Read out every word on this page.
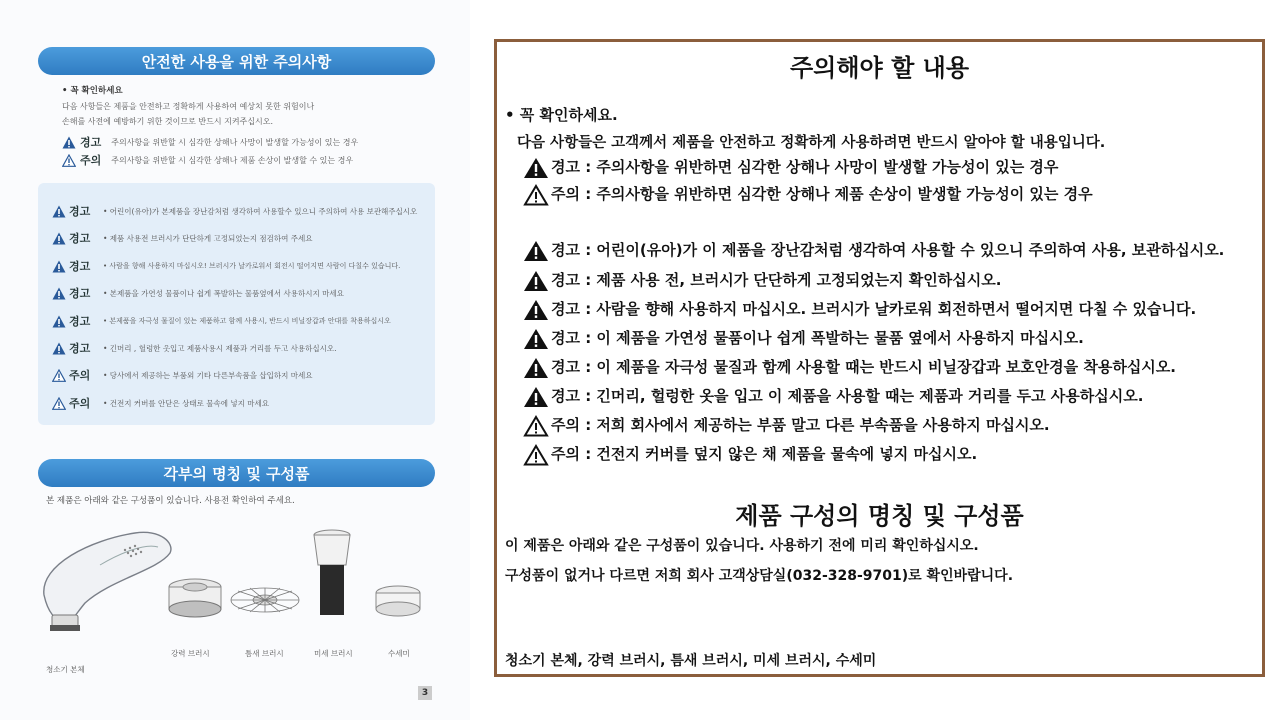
안전한 사용을 위한 주의사항
• 꼭 확인하세요
다음 사항들은 제품을 안전하고 정확하게 사용하여 예상치 못한 위험이나
손해를 사전에 예방하기 위한 것이므로 반드시 지켜주십시오.
경고 주의사항을 위반할 시 심각한 상해나 사망이 발생할 가능성이 있는 경우
주의 주의사항을 위반할 시 심각한 상해나 제품 손상이 발생할 수 있는 경우
경고	• 어린이(유아)가 본제품을 장난감처럼 생각하여 사용할수 있으니 주의하여 사용 보관해주십시오
경고	• 제품 사용전 브러시가 단단하게 고정되었는지 점검하여 주세요
경고	• 사람을 향해 사용하지 마십시오! 브러시가 날카로워서 회전시 떨어지면 사람이 다칠수 있습니다.
경고	• 본제품을 가연성 물품이나 쉽게 폭발하는 물품옆에서 사용하시지 마세요
경고	• 본제품을 자극성 물질이 있는 제품하고 함께 사용시, 반드시 비닐장갑과 안대를 착용하십시오
경고	• 긴머리 , 헐렁한 옷입고 제품사용시 제품과 거리를 두고 사용하십시오.
주의	• 당사에서 제공하는 부품외 기타 다른부속품을 삽입하지 마세요
주의	• 건전지 커버를 안닫은 상태로 물속에 넣지 마세요
각부의 명칭 및 구성품
본 제품은 아래와 같은 구성품이 있습니다. 사용전 확인하여 주세요.
청소기 본체
강력 브러시	틈새 브러시	미세 브러시	수세미
3
주의해야 할 내용
• 꼭 확인하세요.
다음 사항들은 고객께서 제품을 안전하고 정확하게 사용하려면 반드시 알아야 할 내용입니다.
경고 : 주의사항을 위반하면 심각한 상해나 사망이 발생할 가능성이 있는 경우
주의 : 주의사항을 위반하면 심각한 상해나 제품 손상이 발생할 가능성이 있는 경우
경고 : 어린이(유아)가 이 제품을 장난감처럼 생각하여 사용할 수 있으니 주의하여 사용, 보관하십시오.
경고 : 제품 사용 전, 브러시가 단단하게 고정되었는지 확인하십시오.
경고 : 사람을 향해 사용하지 마십시오. 브러시가 날카로워 회전하면서 떨어지면 다칠 수 있습니다.
경고 : 이 제품을 가연성 물품이나 쉽게 폭발하는 물품 옆에서 사용하지 마십시오.
경고 : 이 제품을 자극성 물질과 함께 사용할 때는 반드시 비닐장갑과 보호안경을 착용하십시오.
경고 : 긴머리, 헐렁한 옷을 입고 이 제품을 사용할 때는 제품과 거리를 두고 사용하십시오.
주의 : 저희 회사에서 제공하는 부품 말고 다른 부속품을 사용하지 마십시오.
주의 : 건전지 커버를 덮지 않은 채 제품을 물속에 넣지 마십시오.
제품 구성의 명칭 및 구성품
이 제품은 아래와 같은 구성품이 있습니다. 사용하기 전에 미리 확인하십시오.
구성품이 없거나 다르면 저희 회사 고객상담실(032-328-9701)로 확인바랍니다.
청소기 본체, 강력 브러시, 틈새 브러시, 미세 브러시, 수세미
